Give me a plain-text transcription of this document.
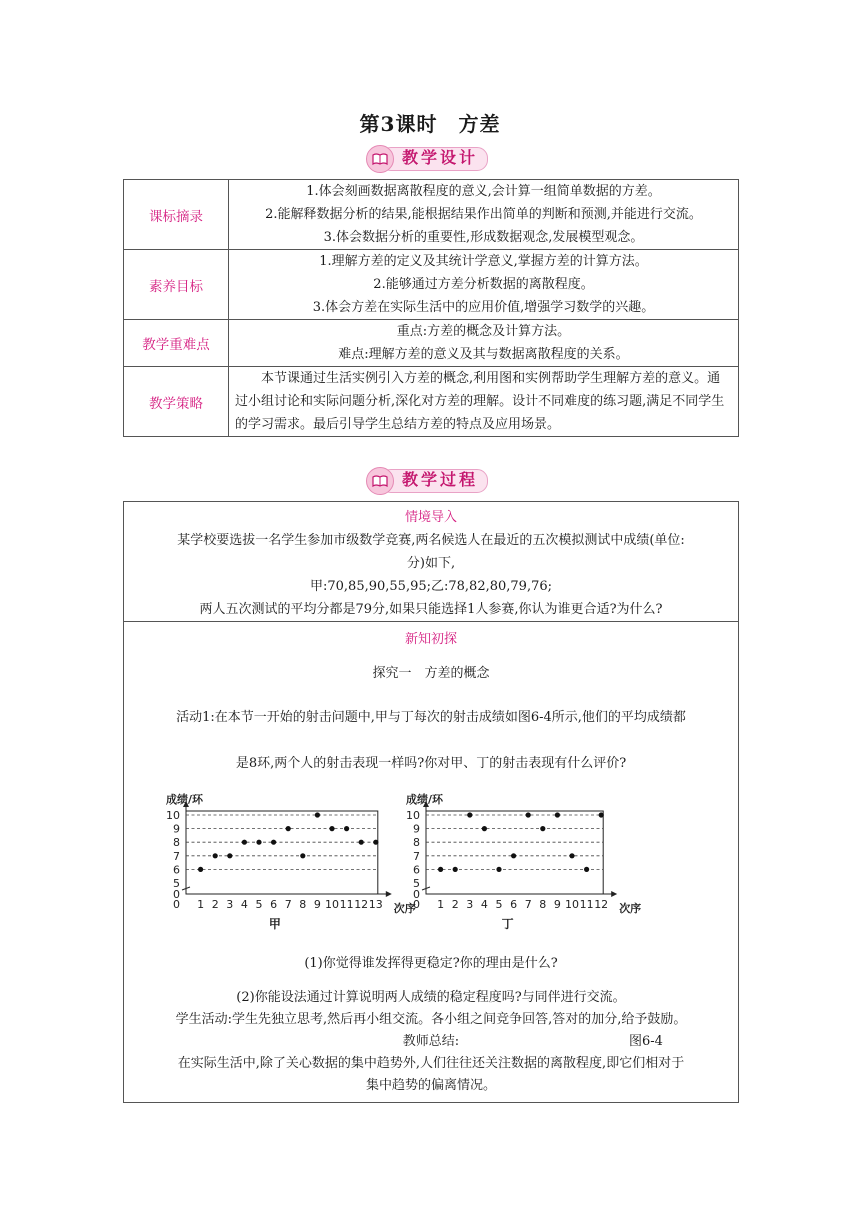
第3课时　方差
教学设计
课标摘录	1.体会刻画数据离散程度的意义,会计算一组简单数据的方差。
2.能解释数据分析的结果,能根据结果作出简单的判断和预测,并能进行交流。
3.体会数据分析的重要性,形成数据观念,发展模型观念。

素养目标	1.理解方差的定义及其统计学意义,掌握方差的计算方法。
2.能够通过方差分析数据的离散程度。
3.体会方差在实际生活中的应用价值,增强学习数学的兴趣。

教学重难点	重点:方差的概念及计算方法。
难点:理解方差的意义及其与数据离散程度的关系。

教学策略	本节课通过生活实例引入方差的概念,利用图和实例帮助学生理解方差的意义。通过小组讨论和实际问题分析,深化对方差的理解。设计不同难度的练习题,满足不同学生的学习需求。最后引导学生总结方差的特点及应用场景。
教学过程
情境导入
某学校要选拔一名学生参加市级数学竞赛,两名候选人在最近的五次模拟测试中成绩(单位:
分)如下,
甲:70,85,90,55,95;乙:78,82,80,79,76;
两人五次测试的平均分都是79分,如果只能选择1人参赛,你认为谁更合适?为什么?
新知初探
探究一　方差的概念
活动1:在本节一开始的射击问题中,甲与丁每次的射击成绩如图6-4所示,他们的平均成绩都
是8环,两个人的射击表现一样吗?你对甲、丁的射击表现有什么评价?
图6-4
(1)你觉得谁发挥得更稳定?你的理由是什么?
(2)你能设法通过计算说明两人成绩的稳定程度吗?与同伴进行交流。
学生活动:学生先独立思考,然后再小组交流。各小组之间竞争回答,答对的加分,给予鼓励。
教师总结:
在实际生活中,除了关心数据的集中趋势外,人们往往还关注数据的离散程度,即它们相对于
集中趋势的偏离情况。
0
5
6
7
8
9
10
成绩/环
1 2 3 4 5 6 7 8 9 10 11 12 13
0	次序
甲
0
5
6
7
8
9
10
成绩/环
1 2 3 4 5 6 7 8 9 10 11 12
0	次序
丁
